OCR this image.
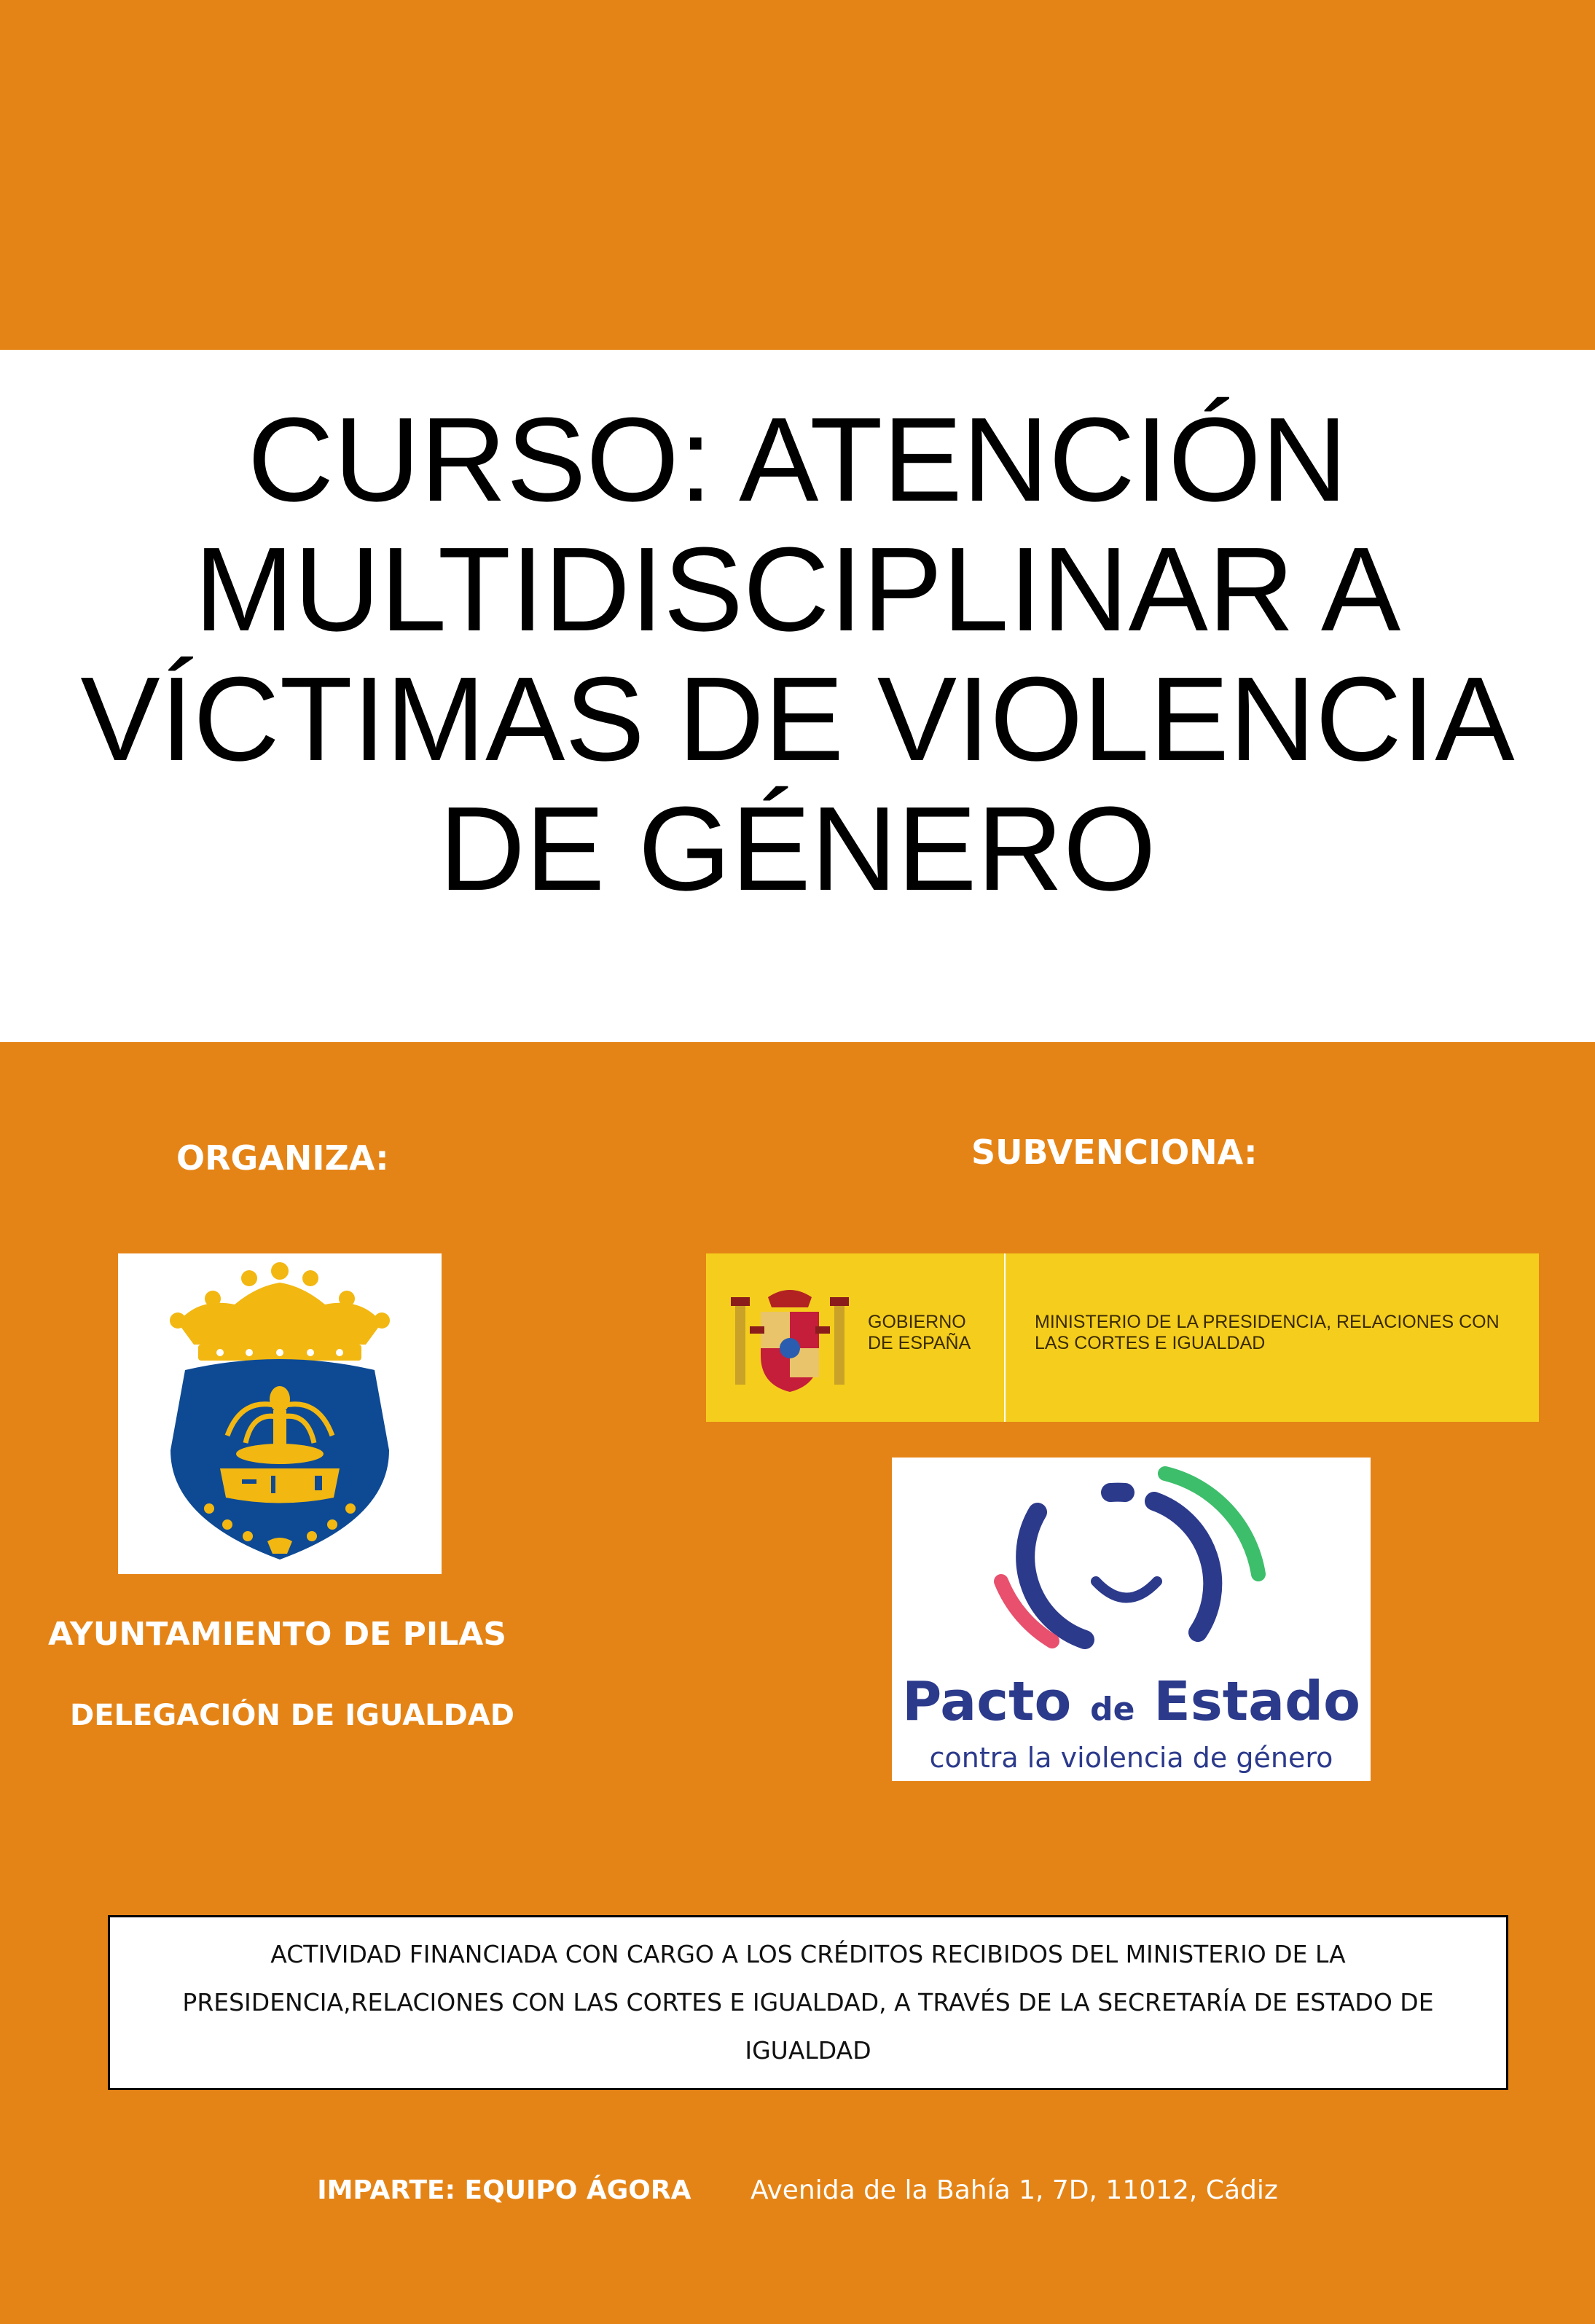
CURSO: ATENCIÓN MULTIDISCIPLINAR A VÍCTIMAS DE VIOLENCIA DE GÉNERO
ORGANIZA:	SUBVENCIONA:
AYUNTAMIENTO DE PILAS
DELEGACIÓN DE IGUALDAD
GOBIERNO DE ESPAÑA
MINISTERIO DE LA PRESIDENCIA, RELACIONES CON LAS CORTES E IGUALDAD
Pacto de Estado
contra la violencia de género

ACTIVIDAD FINANCIADA CON CARGO A LOS CRÉDITOS RECIBIDOS DEL MINISTERIO DE LA PRESIDENCIA,RELACIONES CON LAS CORTES E IGUALDAD, A TRAVÉS DE LA SECRETARÍA DE ESTADO DE IGUALDAD

IMPARTE: EQUIPO ÁGORA Avenida de la Bahía 1, 7D, 11012, Cádiz
